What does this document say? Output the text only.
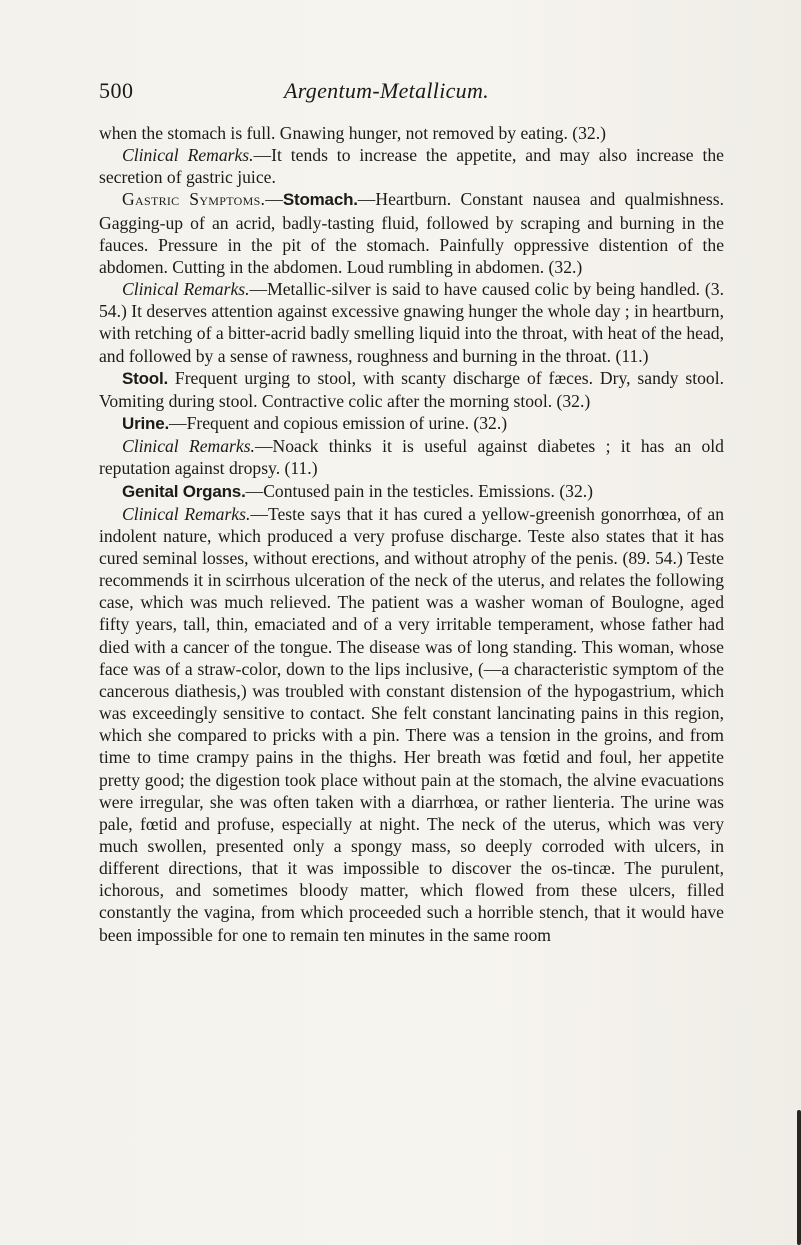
500	Argentum-Metallicum.

when the stomach is full. Gnawing hunger, not removed by eating. (32.)

Clinical Remarks.—It tends to increase the appetite, and may also increase the secretion of gastric juice.

Gastric Symptoms.—Stomach.—Heartburn. Constant nausea and qualmishness. Gagging-up of an acrid, badly-tasting fluid, followed by scraping and burning in the fauces. Pressure in the pit of the stomach. Painfully oppressive distention of the abdomen. Cutting in the abdomen. Loud rumbling in abdomen. (32.)

Clinical Remarks.—Metallic-silver is said to have caused colic by being handled. (3. 54.) It deserves attention against excessive gnawing hunger the whole day ; in heartburn, with retching of a bitter-acrid badly smelling liquid into the throat, with heat of the head, and followed by a sense of rawness, roughness and burning in the throat. (11.)

Stool. Frequent urging to stool, with scanty discharge of fæces. Dry, sandy stool. Vomiting during stool. Contractive colic after the morning stool. (32.)

Urine.—Frequent and copious emission of urine. (32.)

Clinical Remarks.—Noack thinks it is useful against diabetes ; it has an old reputation against dropsy. (11.)

Genital Organs.—Contused pain in the testicles. Emissions. (32.)

Clinical Remarks.—Teste says that it has cured a yellow-greenish gonorrhœa, of an indolent nature, which produced a very profuse discharge. Teste also states that it has cured seminal losses, without erections, and without atrophy of the penis. (89. 54.) Teste recommends it in scirrhous ulceration of the neck of the uterus, and relates the following case, which was much relieved. The patient was a washer woman of Boulogne, aged fifty years, tall, thin, emaciated and of a very irritable temperament, whose father had died with a cancer of the tongue. The disease was of long standing. This woman, whose face was of a straw-color, down to the lips inclusive, (—a characteristic symptom of the cancerous diathesis,) was troubled with constant distension of the hypogastrium, which was exceedingly sensitive to contact. She felt constant lancinating pains in this region, which she compared to pricks with a pin. There was a tension in the groins, and from time to time crampy pains in the thighs. Her breath was fœtid and foul, her appetite pretty good; the digestion took place without pain at the stomach, the alvine evacuations were irregular, she was often taken with a diarrhœa, or rather lienteria. The urine was pale, fœtid and profuse, especially at night. The neck of the uterus, which was very much swollen, presented only a spongy mass, so deeply corroded with ulcers, in different directions, that it was impossible to discover the os-tincæ. The purulent, ichorous, and sometimes bloody matter, which flowed from these ulcers, filled constantly the vagina, from which proceeded such a horrible stench, that it would have been impossible for one to remain ten minutes in the same room
